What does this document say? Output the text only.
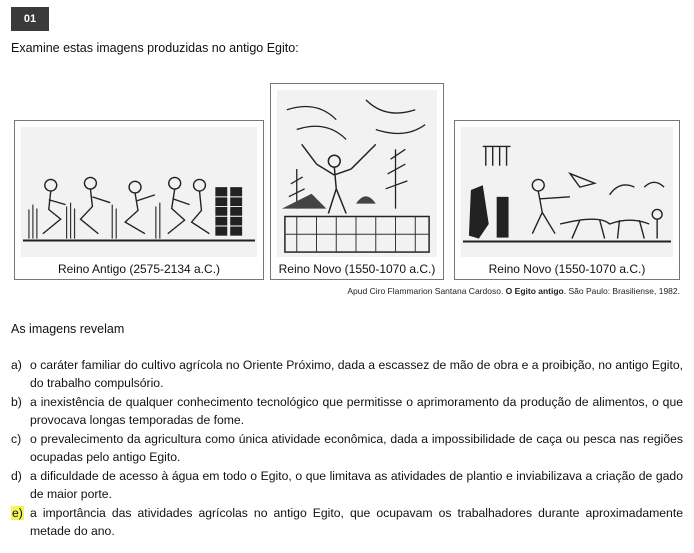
01
Examine estas imagens produzidas no antigo Egito:
Reino Antigo (2575-2134 a.C.)	Reino Novo (1550-1070 a.C.)	Reino Novo (1550-1070 a.C.)
Apud Ciro Flammarion Santana Cardoso. O Egito antigo. São Paulo: Brasiliense, 1982.
As imagens revelam
a) o caráter familiar do cultivo agrícola no Oriente Próximo, dada a escassez de mão de obra e a proibição, no antigo Egito, do trabalho compulsório.
b) a inexistência de qualquer conhecimento tecnológico que permitisse o aprimoramento da produção de alimentos, o que provocava longas temporadas de fome.
c) o prevalecimento da agricultura como única atividade econômica, dada a impossibilidade de caça ou pesca nas regiões ocupadas pelo antigo Egito.
d) a dificuldade de acesso à água em todo o Egito, o que limitava as atividades de plantio e inviabilizava a criação de gado de maior porte.
e) a importância das atividades agrícolas no antigo Egito, que ocupavam os trabalhadores durante aproximadamente metade do ano.
